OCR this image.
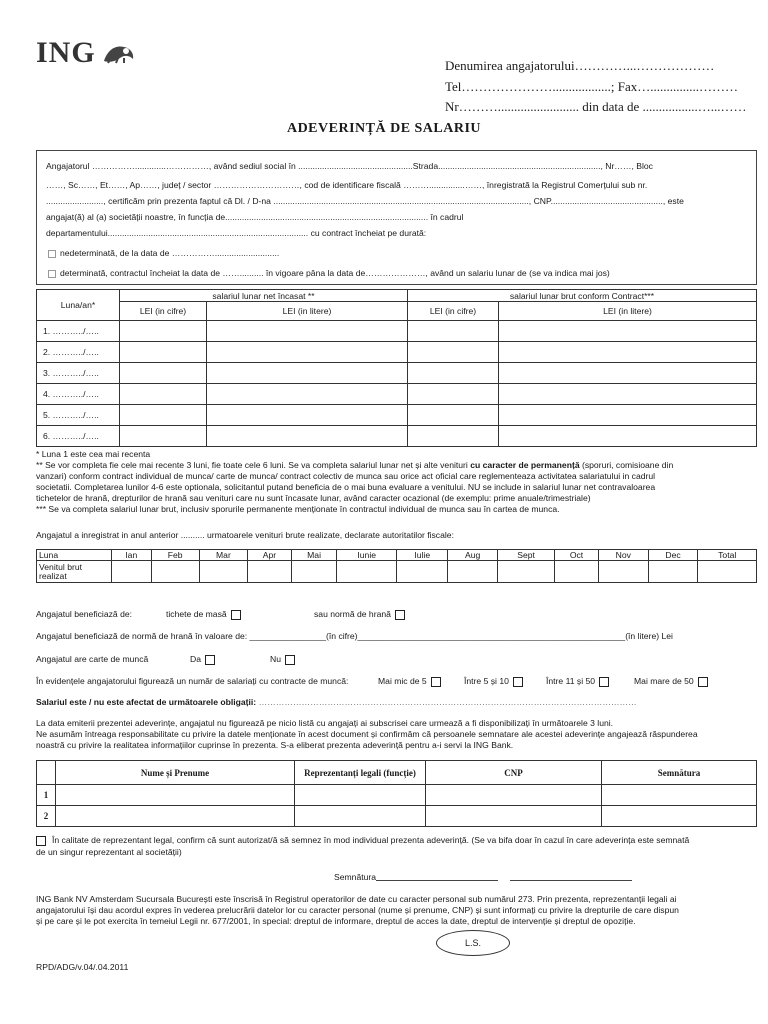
ING	Denumirea angajatorului…………...………………
Tel…………………..................; Fax…...............………
Nr………......................... din data de .................…...……
ADEVERINȚĂ DE SALARIU
Angajatorul …………….............……………, având sediul social în ................................................Strada...................................................................., Nr……, Bloc
……, Sc……, Et……, Ap……, județ / sector …………………………, cod de identificare fiscală ………...............……, înregistrată la Registrul Comerțului sub nr.
........................, certificăm prin prezenta faptul că Dl. / D-na ..........................................................................................................., CNP..............................................., este
angajat(ă) al (a) societății noastre, în funcția de..................................................................................... în cadrul
departamentului.................................................................................... cu contract încheiat pe durată:
nedeterminată, de la data de ……………...........................
determinată, contractul încheiat la data de …….......... în vigoare pâna la data de…………………, având un salariu lunar de (se va indica mai jos)
Luna/an*	salariul lunar net încasat **		salariul lunar brut conform Contract***	
	LEI (in cifre)	LEI (in litere)	LEI (in cifre)	LEI (in litere)
1. ………../…..				
2. ………../…..				
3. ………../…..				
4. ………../…..				
5. ………../…..				
6. ………../…..				
* Luna 1 este cea mai recenta
** Se vor completa fie cele mai recente 3 luni, fie toate cele 6 luni. Se va completa salariul lunar net și alte venituri cu caracter de permanență (sporuri, comisioane din
vanzari) conform contract individual de munca/ carte de munca/ contract colectiv de munca sau orice act oficial care reglementeaza activitatea salariatului in cadrul
societatii. Completarea lunilor 4-6 este optionala, solicitantul putand beneficia de o mai buna evaluare a venitului. NU se include in salariul lunar net contravaloarea
tichetelor de hrană, drepturilor de hrană sau venituri care nu sunt încasate lunar, având caracter ocazional (de exemplu: prime anuale/trimestriale)
*** Se va completa salariul lunar brut, inclusiv sporurile permanente menționate în contractul individual de munca sau în cartea de munca.
Angajatul a inregistrat in anul anterior .......... urmatoarele venituri brute realizate, declarate autoritatilor fiscale:
Luna	Ian	Feb	Mar	Apr	Mai	Iunie	Iulie	Aug	Sept	Oct	Nov	Dec	Total
Venitul brut realizat													
Angajatul beneficiază de:	tichete de masă	sau normă de hrană
Angajatul beneficiază de normă de hrană în valoare de: ________________(în cifre)________________________________________________________(în litere) Lei
Angajatul are carte de muncă	Da	Nu
În evidențele angajatorului figurează un număr de salariați cu contracte de muncă:	Mai mic de 5	Între 5 și 10	Între 11 și 50	Mai mare de 50
Salariul este / nu este afectat de următoarele obligații: ……………………………………………………………………………………………………………………
La data emiterii prezentei adeverințe, angajatul nu figurează pe nicio listă cu angajați ai subscrisei care urmează a fi disponibilizați în următoarele 3 luni.
Ne asumăm întreaga responsabilitate cu privire la datele menționate în acest document și confirmăm că persoanele semnatare ale acestei adeverințe angajează răspunderea
noastră cu privire la realitatea informațiilor cuprinse în prezenta. S-a eliberat prezenta adeverință pentru a-i servi la ING Bank.
	Nume și Prenume	Reprezentanți legali (funcție)	CNP	Semnătura
1				
2				
În calitate de reprezentant legal, confirm că sunt autorizat/ă să semnez în mod individual prezenta adeverință. (Se va bifa doar în cazul în care adeverința este semnată
de un singur reprezentant al societății)
Semnătura
ING Bank NV Amsterdam Sucursala București este înscrisă în Registrul operatorilor de date cu caracter personal sub numărul 273. Prin prezenta, reprezentanții legali ai
angajatorului își dau acordul expres în vederea prelucrării datelor lor cu caracter personal (nume și prenume, CNP) și sunt informați cu privire la drepturile de care dispun
și pe care și le pot exercita în temeiul Legii nr. 677/2001, în special: dreptul de informare, dreptul de acces la date, dreptul de intervenție și dreptul de opoziție.
L.S.
RPD/ADG/v.04/.04.2011
